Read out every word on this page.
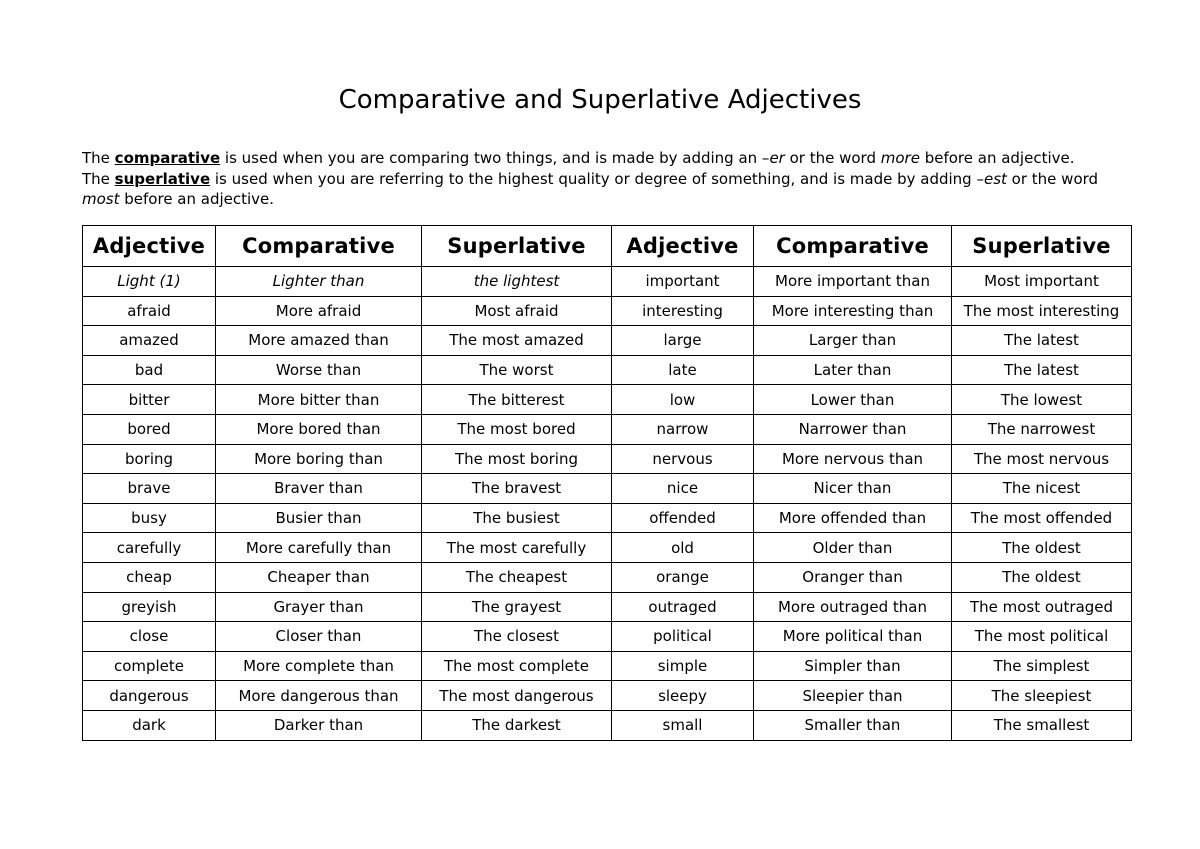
Comparative and Superlative Adjectives

The comparative is used when you are comparing two things, and is made by adding an –er or the word more before an adjective.

The superlative is used when you are referring to the highest quality or degree of something, and is made by adding –est or the word most before an adjective.

Adjective	Comparative	Superlative	Adjective	Comparative	Superlative
Light (1)	Lighter than	the lightest	important	More important than	Most important
afraid	More afraid	Most afraid	interesting	More interesting than	The most interesting
amazed	More amazed than	The most amazed	large	Larger than	The latest
bad	Worse than	The worst	late	Later than	The latest
bitter	More bitter than	The bitterest	low	Lower than	The lowest
bored	More bored than	The most bored	narrow	Narrower than	The narrowest
boring	More boring than	The most boring	nervous	More nervous than	The most nervous
brave	Braver than	The bravest	nice	Nicer than	The nicest
busy	Busier than	The busiest	offended	More offended than	The most offended
carefully	More carefully than	The most carefully	old	Older than	The oldest
cheap	Cheaper than	The cheapest	orange	Oranger than	The oldest
greyish	Grayer than	The grayest	outraged	More outraged than	The most outraged
close	Closer than	The closest	political	More political than	The most political
complete	More complete than	The most complete	simple	Simpler than	The simplest
dangerous	More dangerous than	The most dangerous	sleepy	Sleepier than	The sleepiest
dark	Darker than	The darkest	small	Smaller than	The smallest
